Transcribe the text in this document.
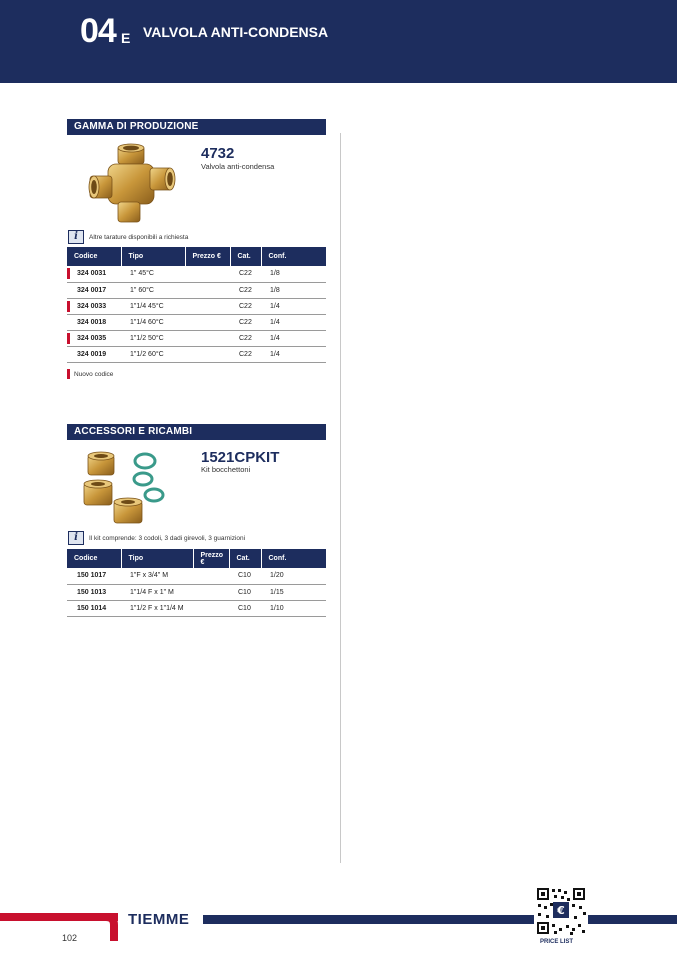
04 E VALVOLA ANTI-CONDENSA
GAMMA DI PRODUZIONE
4732
Valvola anti-condensa
i	Altre tarature disponibili a richiesta
Codice	Tipo	Prezzo €	Cat.	Conf.
324 0031	1" 45°C		C22	1/8
324 0017	1" 60°C		C22	1/8
324 0033	1"1/4 45°C		C22	1/4
324 0018	1"1/4 60°C		C22	1/4
324 0035	1"1/2 50°C		C22	1/4
324 0019	1"1/2 60°C		C22	1/4
Nuovo codice
ACCESSORI E RICAMBI
1521CPKIT
Kit bocchettoni
i	Il kit comprende: 3 codoli, 3 dadi girevoli, 3 guarnizioni
Codice	Tipo	Prezzo €	Cat.	Conf.
150 1017	1"F x 3/4" M		C10	1/20
150 1013	1"1/4 F x 1" M		C10	1/15
150 1014	1"1/2 F x 1"1/4 M		C10	1/10
TIEMME
102
€
PRICE LIST
